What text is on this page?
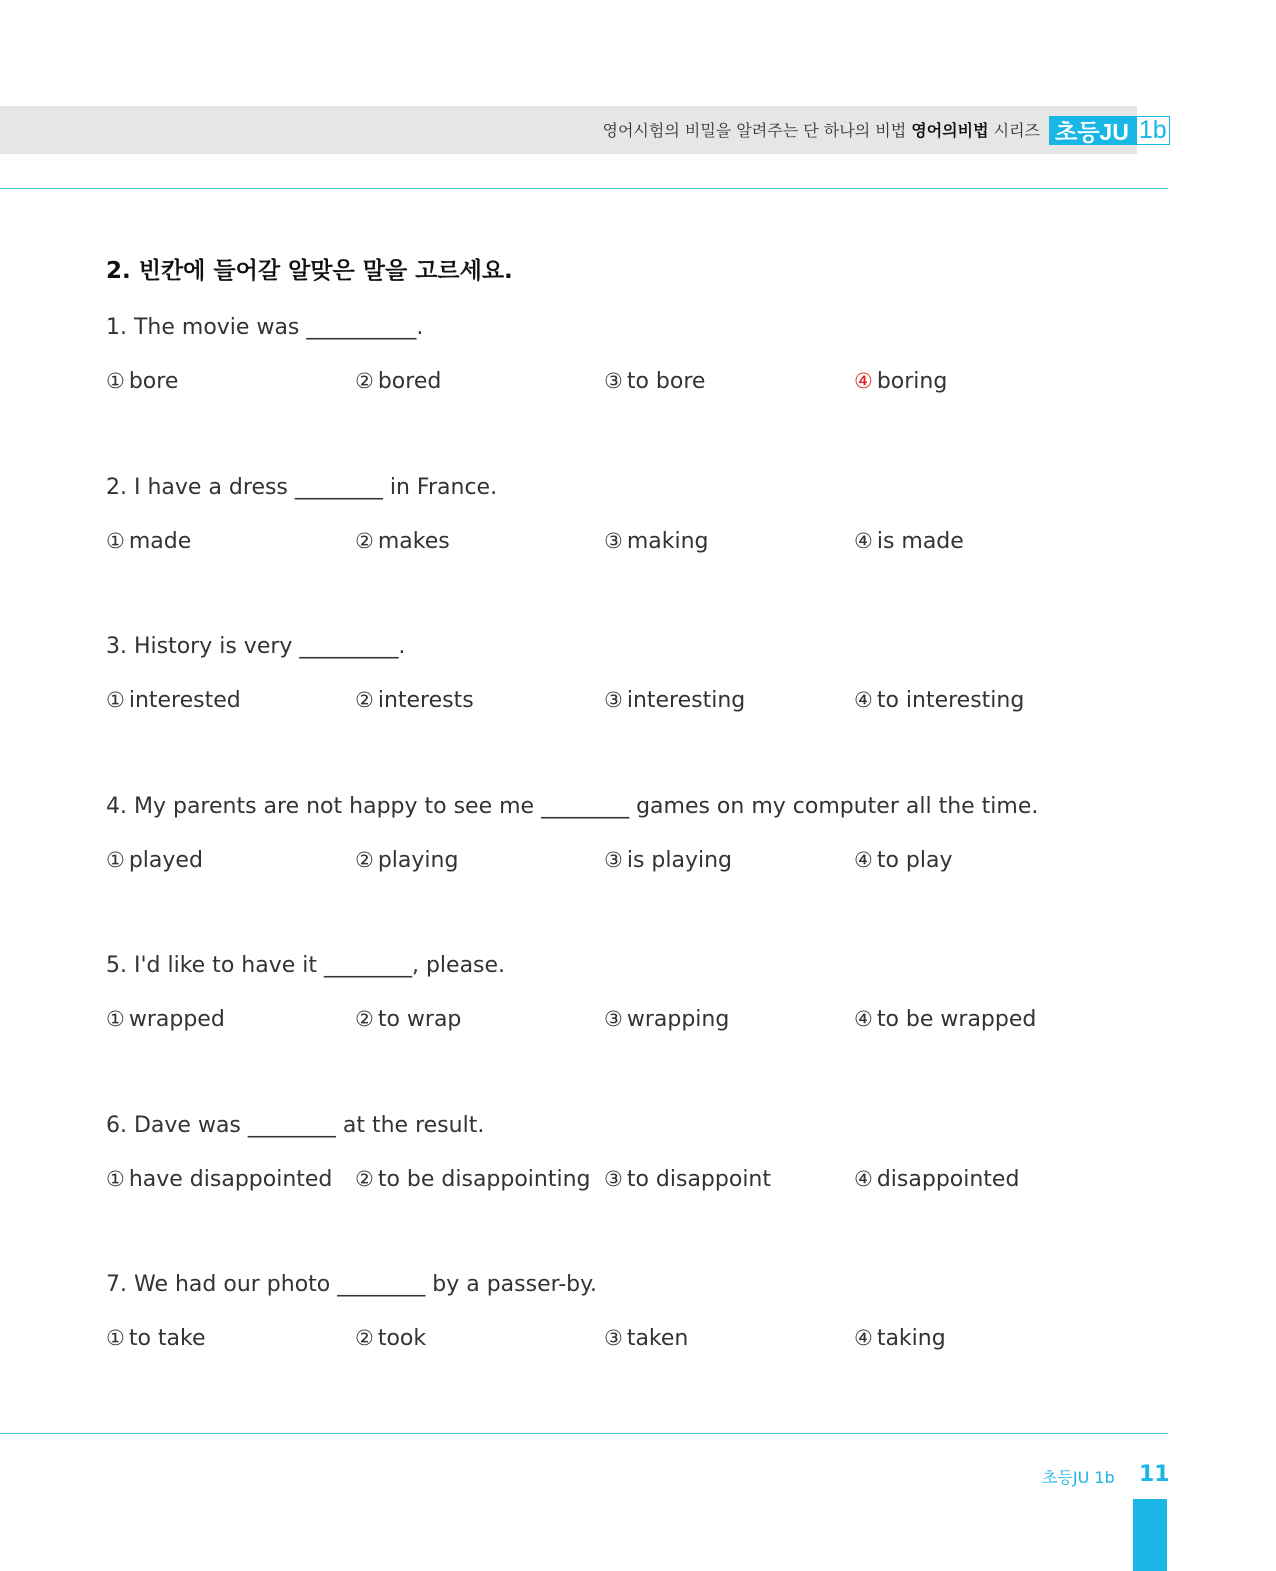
영어시험의 비밀을 알려주는 단 하나의 비법 영어의비법 시리즈 초등JU 1b
2. 빈칸에 들어갈 알맞은 말을 고르세요.
1. The movie was __________.
① bore	② bored	③ to bore	④ boring
2. I have a dress ________ in France.
① made	② makes	③ making	④ is made
3. History is very _________.
① interested	② interests	③ interesting	④ to interesting
4. My parents are not happy to see me ________ games on my computer all the time.
① played	② playing	③ is playing	④ to play
5. I'd like to have it ________, please.
① wrapped	② to wrap	③ wrapping	④ to be wrapped
6. Dave was ________ at the result.
① have disappointed ② to be disappointing ③ to disappoint	④ disappointed
7. We had our photo ________ by a passer-by.
① to take	② took	③ taken	④ taking
초등JU 1b 11
